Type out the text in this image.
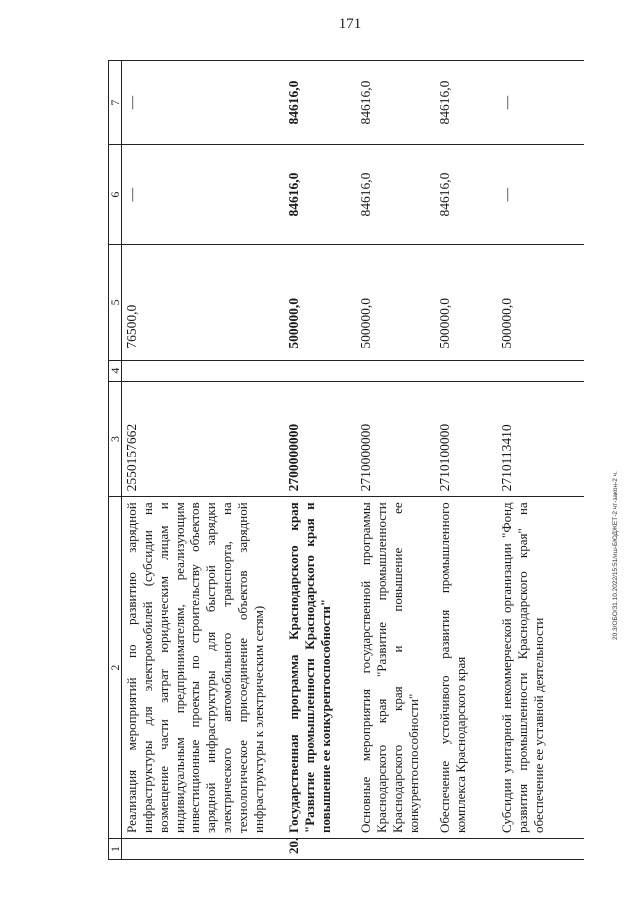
171
20.3/ОБО/31.10.2022/15:51/иш-БЮДЖЕТ-2 чт-закон-2 ч.
1	2	3	4	5	6	7
	Реализация мероприятий по развитию зарядной инфраструктуры для электромобилей (субсидии на возмещение части затрат юридическим лицам и индивидуальным предпринимателям, реализующим инвестиционные проекты по строительству объектов зарядной инфраструктуры для быстрой зарядки электрического автомобильного транспорта, на технологическое присоединение объектов зарядной инфраструктуры к электрическим сетям)	2550157662		76500,0	—	—
20.	Государственная программа Краснодарского края "Развитие промышленности Краснодарского края и повышение ее конкурентоспособности"	2700000000		500000,0	84616,0	84616,0
	Основные мероприятия государственной программы Краснодарского края "Развитие промышленности Краснодарского края и повышение ее конкурентоспособности"	2710000000		500000,0	84616,0	84616,0
	Обеспечение устойчивого развития промышленного комплекса Краснодарского края	2710100000		500000,0	84616,0	84616,0
	Субсидии унитарной некоммерческой организации "Фонд развития промышленности Краснодарского края" на обеспечение ее уставной деятельности	2710113410		500000,0	—	—
